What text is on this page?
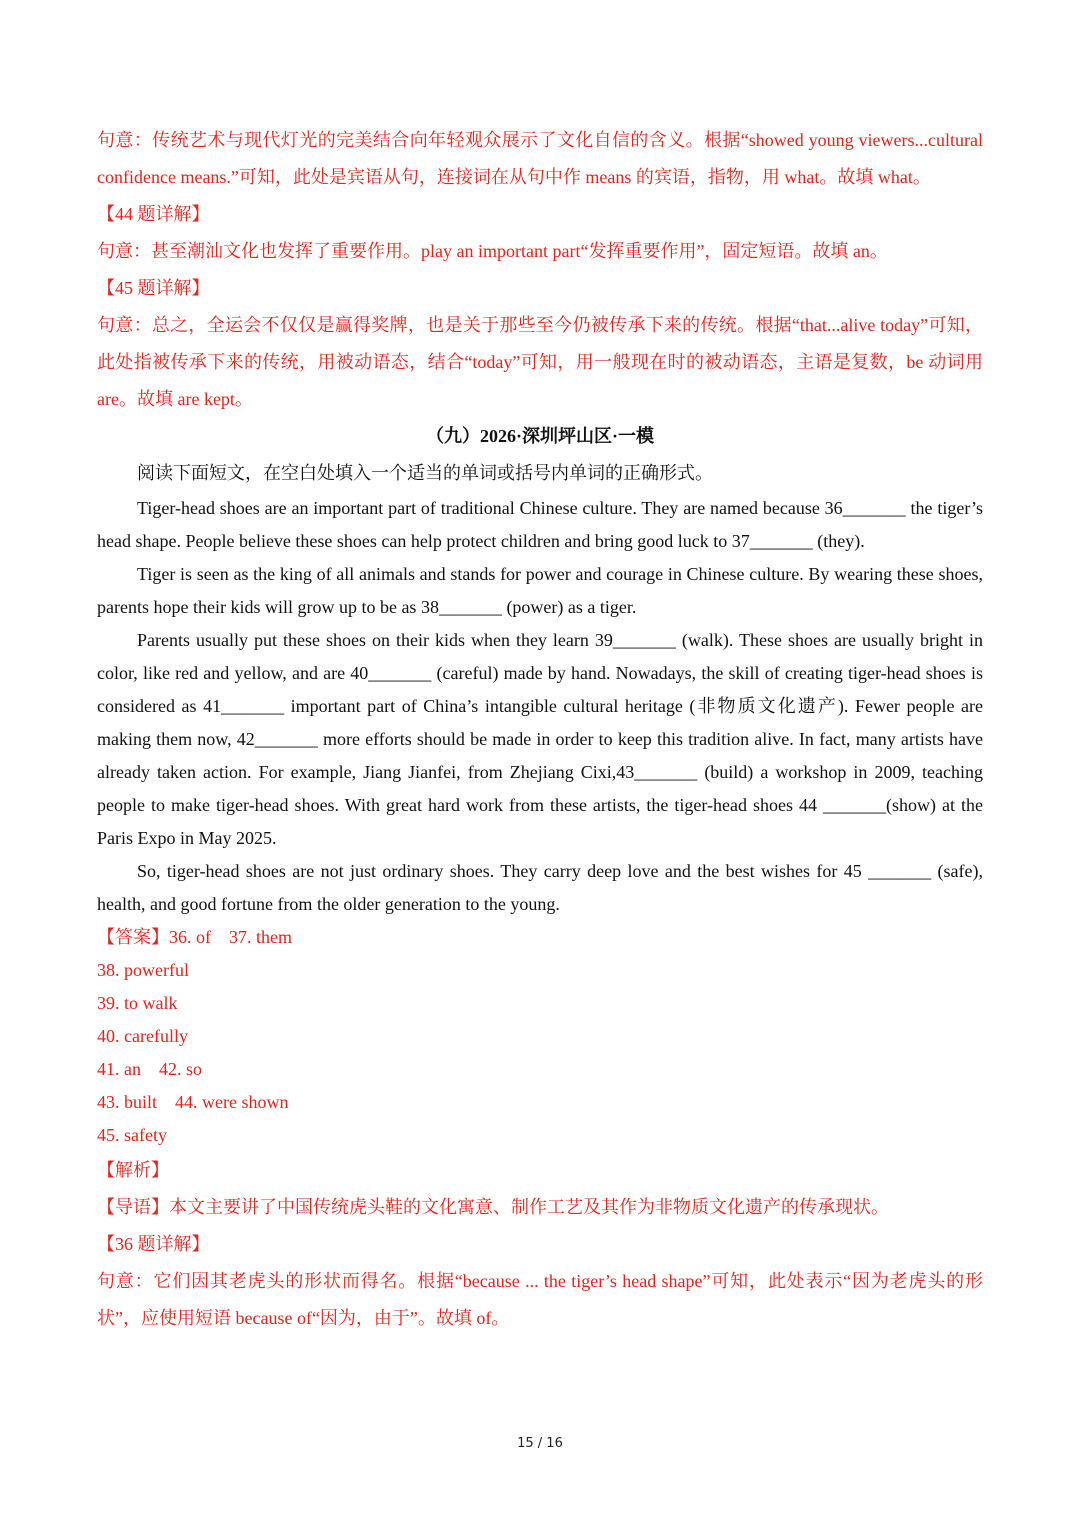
句意：传统艺术与现代灯光的完美结合向年轻观众展示了文化自信的含义。根据“showed young viewers...cultural confidence means.”可知，此处是宾语从句，连接词在从句中作 means 的宾语，指物，用 what。故填 what。
【44 题详解】
句意：甚至潮汕文化也发挥了重要作用。play an important part“发挥重要作用”，固定短语。故填 an。
【45 题详解】
句意：总之，全运会不仅仅是赢得奖牌，也是关于那些至今仍被传承下来的传统。根据“that...alive today”可知，此处指被传承下来的传统，用被动语态，结合“today”可知，用一般现在时的被动语态，主语是复数，be 动词用 are。故填 are kept。
（九）2026·深圳坪山区·一模
阅读下面短文，在空白处填入一个适当的单词或括号内单词的正确形式。
Tiger-head shoes are an important part of traditional Chinese culture. They are named because 36_______ the tiger’s head shape. People believe these shoes can help protect children and bring good luck to 37_______ (they).
Tiger is seen as the king of all animals and stands for power and courage in Chinese culture. By wearing these shoes, parents hope their kids will grow up to be as 38_______ (power) as a tiger.
Parents usually put these shoes on their kids when they learn 39_______ (walk). These shoes are usually bright in color, like red and yellow, and are 40_______ (careful) made by hand. Nowadays, the skill of creating tiger-head shoes is considered as 41_______ important part of China’s intangible cultural heritage (非物质文化遗产). Fewer people are making them now, 42_______ more efforts should be made in order to keep this tradition alive. In fact, many artists have already taken action. For example, Jiang Jianfei, from Zhejiang Cixi,43_______ (build) a workshop in 2009, teaching people to make tiger-head shoes. With great hard work from these artists, the tiger-head shoes 44 _______(show) at the Paris Expo in May 2025.
So, tiger-head shoes are not just ordinary shoes. They carry deep love and the best wishes for 45 _______ (safe), health, and good fortune from the older generation to the young.
【答案】36. of    37. them
38. powerful
39. to walk
40. carefully
41. an    42. so
43. built    44. were shown
45. safety
【解析】
【导语】本文主要讲了中国传统虎头鞋的文化寓意、制作工艺及其作为非物质文化遗产的传承现状。
【36 题详解】
句意：它们因其老虎头的形状而得名。根据“because ... the tiger’s head shape”可知，此处表示“因为老虎头的形状”，应使用短语 because of“因为，由于”。故填 of。
15 / 16
